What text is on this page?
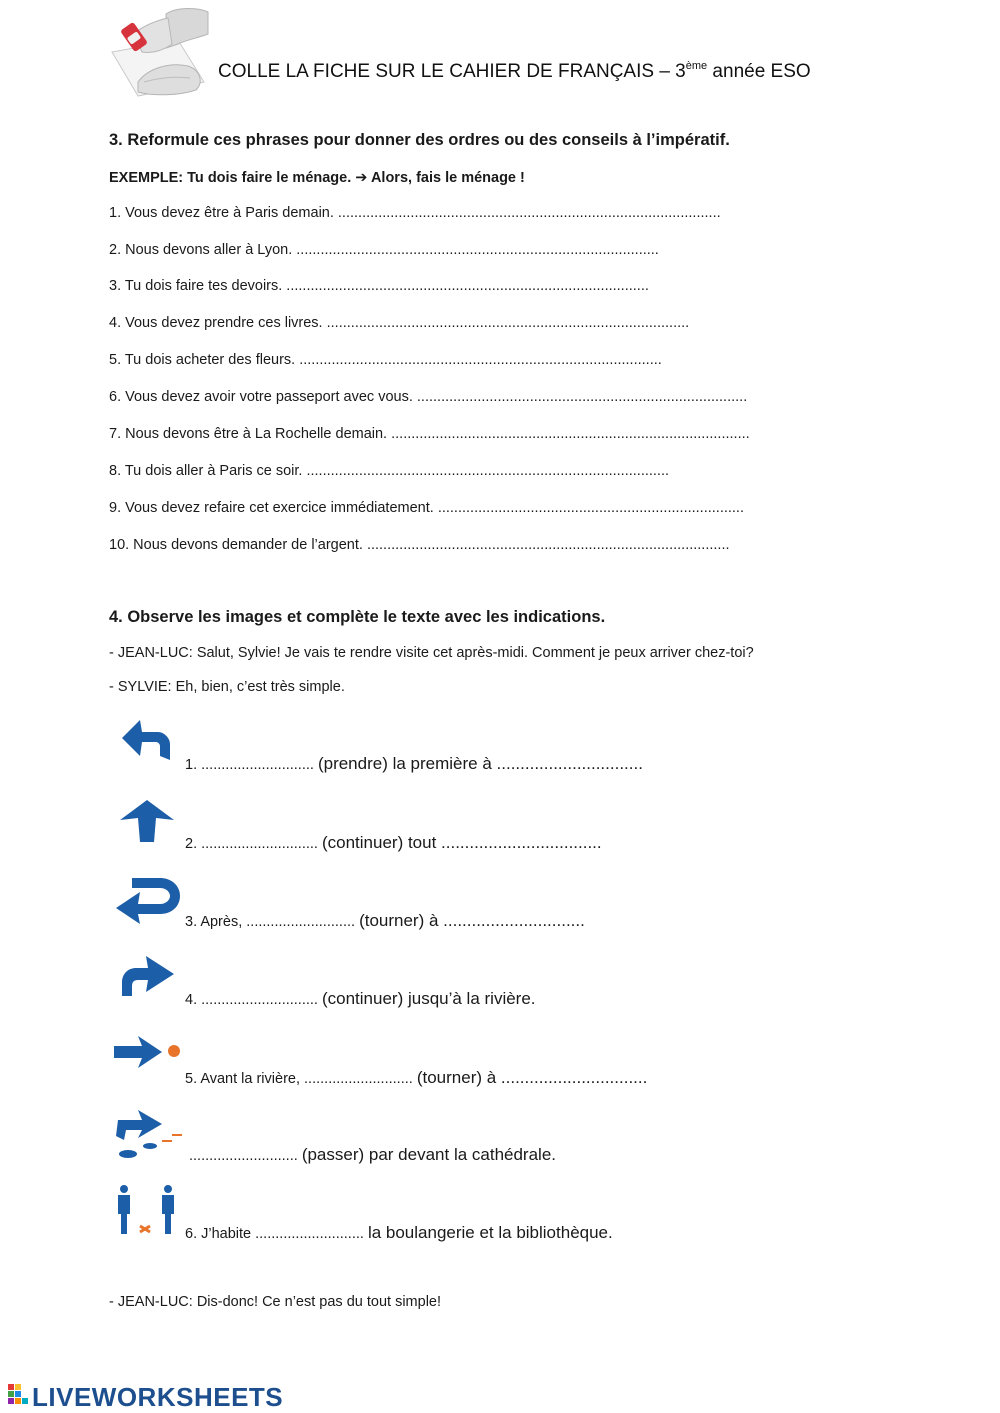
COLLE LA FICHE SUR LE CAHIER DE FRANÇAIS – 3ème année ESO
3. Reformule ces phrases pour donner des ordres ou des conseils à l’impératif.
EXEMPLE: Tu dois faire le ménage. ➔ Alors, fais le ménage !
1. Vous devez être à Paris demain. ...............................................................................................
2. Nous devons aller à Lyon. ..........................................................................................
3. Tu dois faire tes devoirs. ..........................................................................................
4. Vous devez prendre ces livres. ..........................................................................................
5. Tu dois acheter des fleurs. ..........................................................................................
6. Vous devez avoir votre passeport avec vous. ..................................................................................
7. Nous devons être à La Rochelle demain. .........................................................................................
8. Tu dois aller à Paris ce soir. ..........................................................................................
9. Vous devez refaire cet exercice immédiatement. ............................................................................
10. Nous devons demander de l’argent. ..........................................................................................
4. Observe les images et complète le texte avec les indications.
- JEAN-LUC: Salut, Sylvie! Je vais te rendre visite cet après-midi. Comment je peux arriver chez-toi?
- SYLVIE: Eh, bien, c’est très simple.
1. ............................ (prendre) la première à ...............................
2. ............................. (continuer) tout ..................................
3. Après, ........................... (tourner) à ..............................
4. ............................. (continuer) jusqu’à la rivière.
5. Avant la rivière, ........................... (tourner) à ...............................
........................... (passer) par devant la cathédrale.
6. J’habite ........................... la boulangerie et la bibliothèque.
- JEAN-LUC: Dis-donc! Ce n’est pas du tout simple!
LIVEWORKSHEETS
